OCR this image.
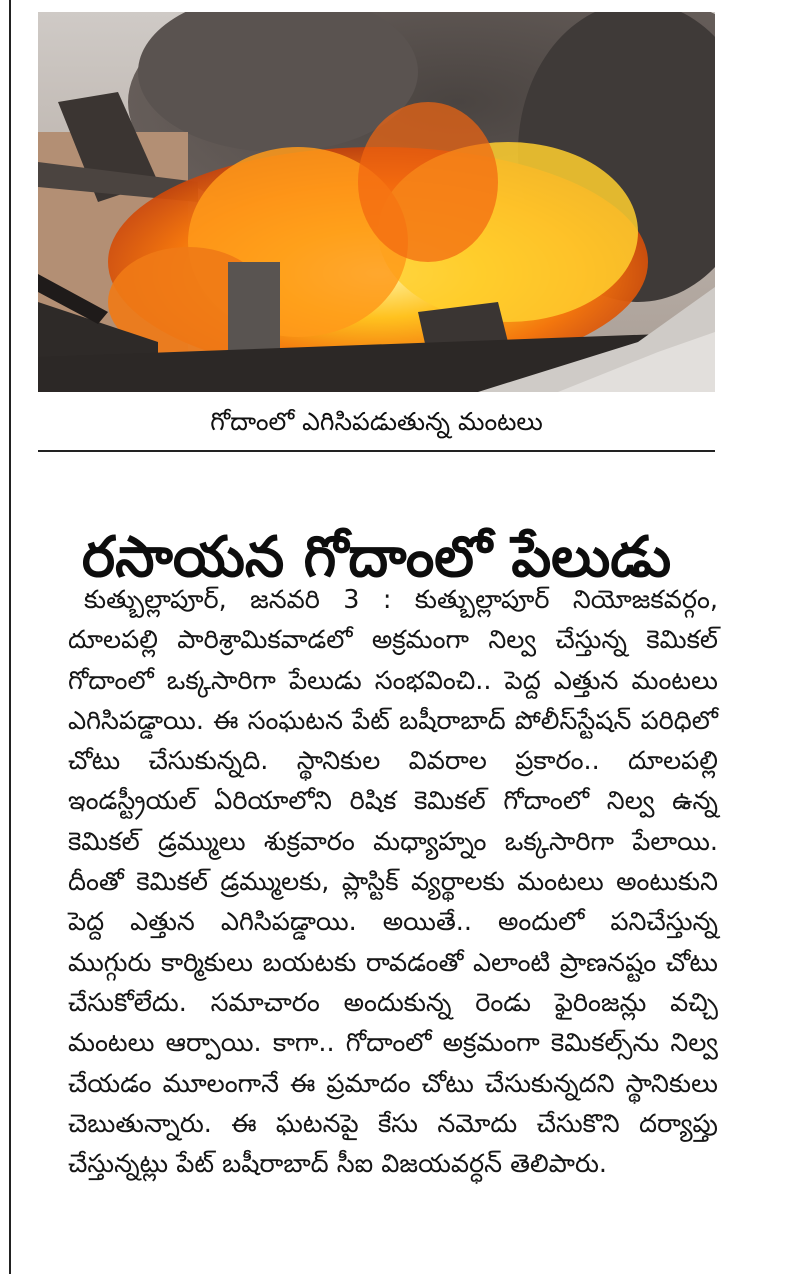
గోదాంలో ఎగిసిపడుతున్న మంటలు
రసాయన గోదాంలో పేలుడు

కుత్బుల్లాపూర్, జనవరి 3 : కుత్బుల్లాపూర్ నియోజకవర్గం, దూలపల్లి పారిశ్రామికవాడలో అక్రమంగా నిల్వ చేస్తున్న కెమికల్ గోదాంలో ఒక్కసారిగా పేలుడు సంభవించి.. పెద్ద ఎత్తున మంటలు ఎగిసిపడ్డాయి. ఈ సంఘటన పేట్ బషీరాబాద్ పోలీస్‌స్టేషన్ పరిధిలో చోటు చేసుకున్నది. స్థానికుల వివరాల ప్రకారం.. దూలపల్లి ఇండస్ట్రీయల్ ఏరియాలోని రిషిక కెమికల్ గోదాంలో నిల్వ ఉన్న కెమికల్ డ్రమ్ములు శుక్రవారం మధ్యాహ్నం ఒక్కసారిగా పేలాయి. దీంతో కెమికల్ డ్రమ్ములకు, ప్లాస్టిక్ వ్యర్థాలకు మంటలు అంటుకుని పెద్ద ఎత్తున ఎగిసిపడ్డాయి. అయితే.. అందులో పనిచేస్తున్న ముగ్గురు కార్మికులు బయటకు రావడంతో ఎలాంటి ప్రాణనష్టం చోటు చేసుకోలేదు. సమాచారం అందుకున్న రెండు ఫైరింజన్లు వచ్చి మంటలు ఆర్పాయి. కాగా.. గోదాంలో అక్రమంగా కెమికల్స్‌ను నిల్వ చేయడం మూలంగానే ఈ ప్రమాదం చోటు చేసుకున్నదని స్థానికులు చెబుతున్నారు. ఈ ఘటనపై కేసు నమోదు చేసుకొని దర్యాప్తు చేస్తున్నట్లు పేట్ బషీరాబాద్ సీఐ విజయవర్ధన్ తెలిపారు.
